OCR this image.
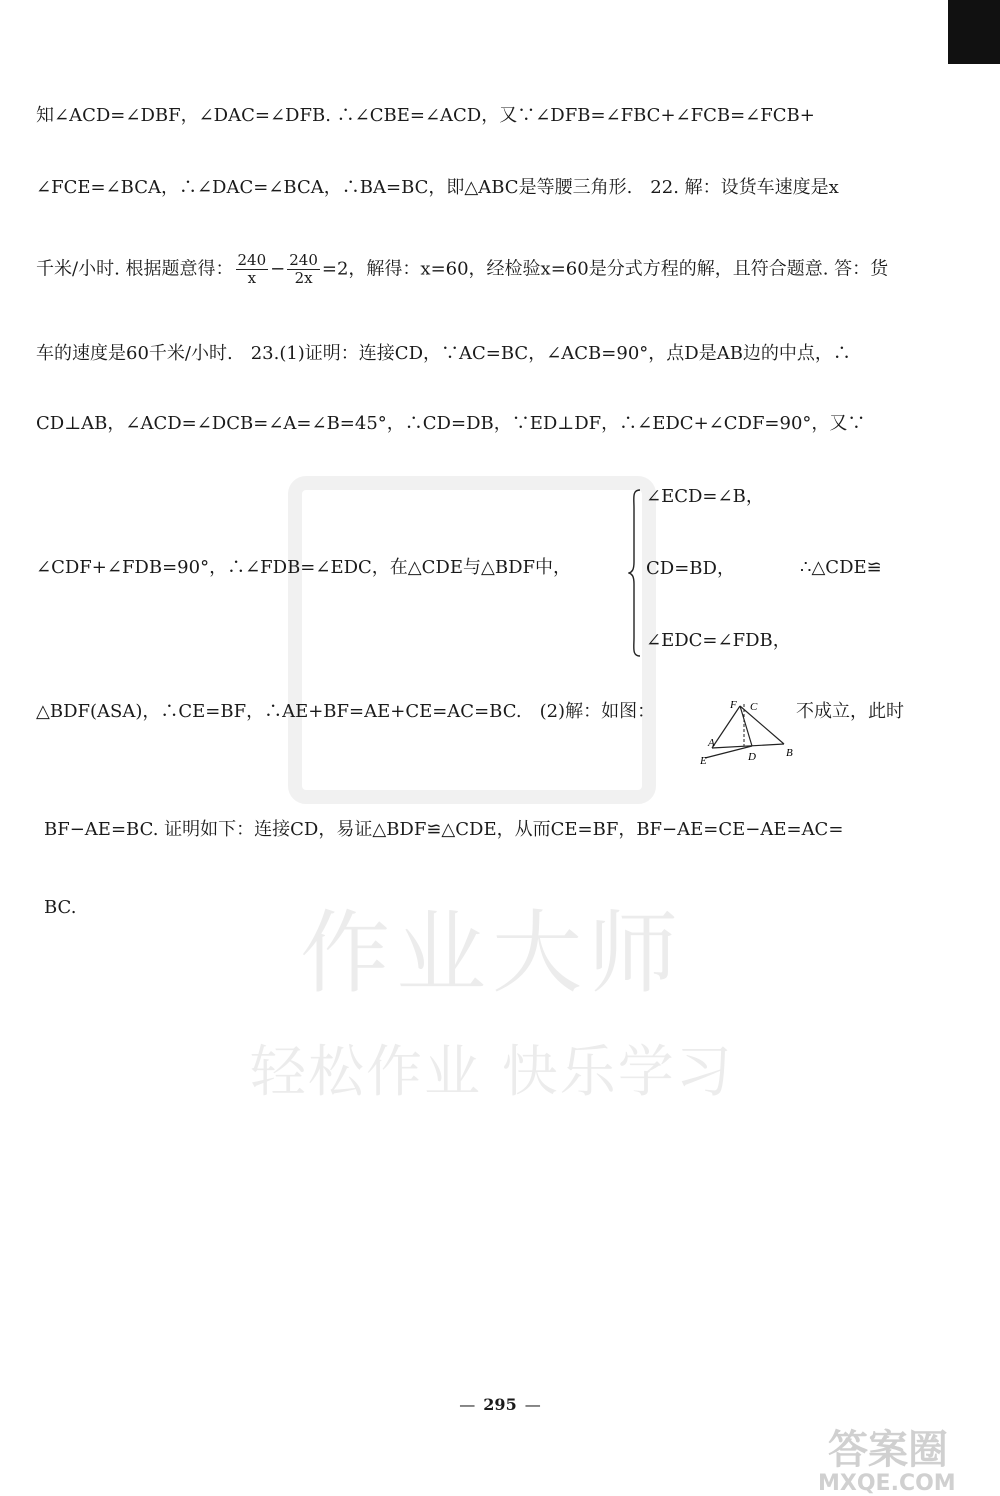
作业大师
轻松作业 快乐学习
知∠ACD=∠DBF，∠DAC=∠DFB. ∴∠CBE=∠ACD，又∵∠DFB=∠FBC+∠FCB=∠FCB+
∠FCE=∠BCA，∴∠DAC=∠BCA，∴BA=BC，即△ABC是等腰三角形.　22. 解：设货车速度是x
千米/小时. 根据题意得： $\frac{240}{x} - \frac{240}{2x} =2$，解得：x=60，经检验x=60是分式方程的解，且符合题意. 答：货
车的速度是60千米/小时.　23.(1)证明：连接CD，∵AC=BC，∠ACB=90°，点D是AB边的中点，∴
CD⊥AB，∠ACD=∠DCB=∠A=∠B=45°，∴CD=DB，∵ED⊥DF，∴∠EDC+∠CDF=90°，又∵
∠CDF+∠FDB=90°，∴∠FDB=∠EDC，在△CDE与△BDF中，
∠ECD=∠B，
CD=BD，
∠EDC=∠FDB，
∴△CDE≌
△BDF(ASA)，∴CE=BF，∴AE+BF=AE+CE=AC=BC.　(2)解：如图：	F C
A
E	D	B
不成立，此时
BF−AE=BC. 证明如下：连接CD，易证△BDF≌△CDE，从而CE=BF，BF−AE=CE−AE=AC=
BC.
— 295 —
答案圈
MXQE.COM
